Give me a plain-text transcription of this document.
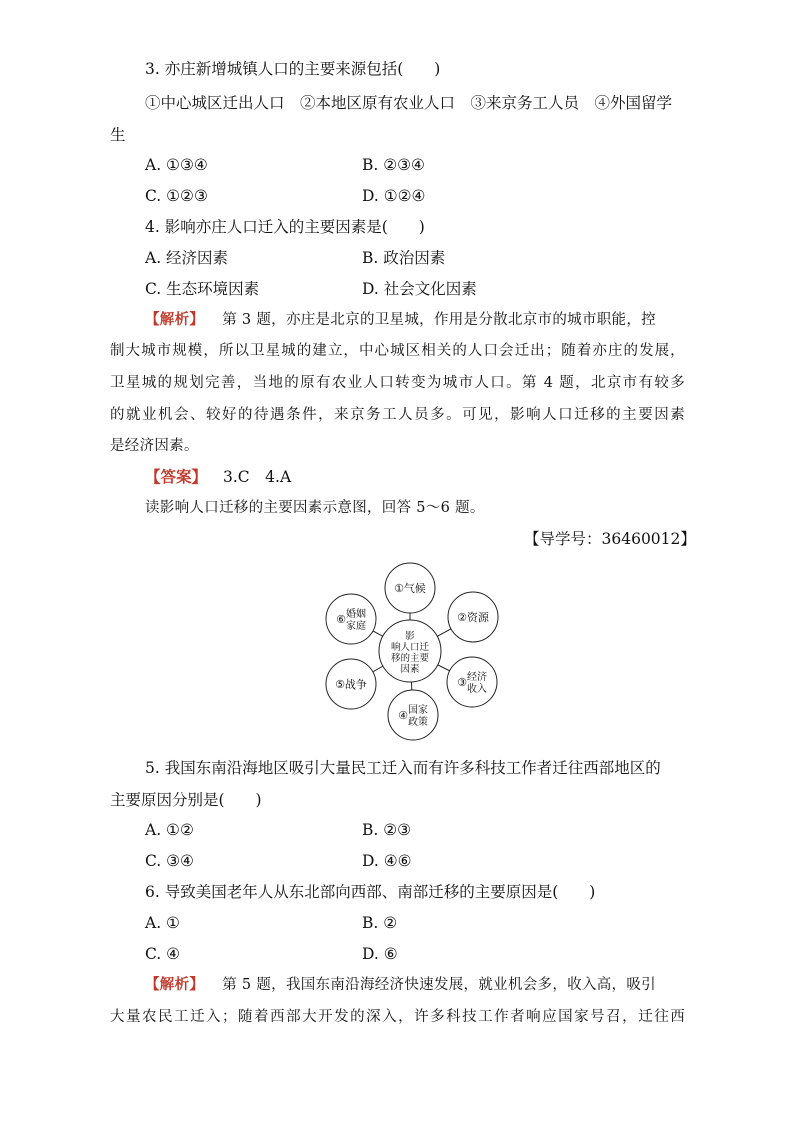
3. 亦庄新增城镇人口的主要来源包括(　　)
①中心城区迁出人口　②本地区原有农业人口　③来京务工人员　④外国留学
生
A. ①③④	B. ②③④
C. ①②③	D. ①②④
4. 影响亦庄人口迁入的主要因素是(　　)
A. 经济因素	B. 政治因素
C. 生态环境因素	D. 社会文化因素
【解析】 第 3 题，亦庄是北京的卫星城，作用是分散北京市的城市职能，控
制大城市规模，所以卫星城的建立，中心城区相关的人口会迁出；随着亦庄的发展，
卫星城的规划完善，当地的原有农业人口转变为城市人口。第 4 题，北京市有较多
的就业机会、较好的待遇条件，来京务工人员多。可见，影响人口迁移的主要因素
是经济因素。
【答案】 3.C　4.A
读影响人口迁移的主要因素示意图，回答 5～6 题。
【导学号：36460012】
①气候
②资源
③ 经济
收入
④ 国家
政策
⑤战争
⑥ 婚姻
家庭
影
响人口迁
移的主要
因素
5. 我国东南沿海地区吸引大量民工迁入而有许多科技工作者迁往西部地区的
主要原因分别是(　　)
A. ①②	B. ②③
C. ③④	D. ④⑥
6. 导致美国老年人从东北部向西部、南部迁移的主要原因是(　　)
A. ①	B. ②
C. ④	D. ⑥
【解析】 第 5 题，我国东南沿海经济快速发展，就业机会多，收入高，吸引
大量农民工迁入；随着西部大开发的深入，许多科技工作者响应国家号召，迁往西
